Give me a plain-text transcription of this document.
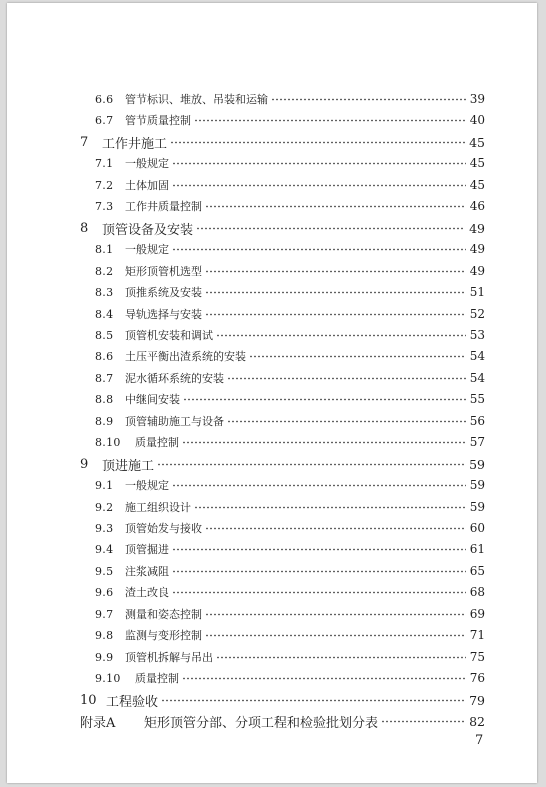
6.6	管节标识、堆放、吊装和运输	39
6.7	管节质量控制	40
7	工作井施工	45
7.1	一般规定	45
7.2	土体加固	45
7.3	工作井质量控制	46
8	顶管设备及安装	49
8.1	一般规定	49
8.2	矩形顶管机选型	49
8.3	顶推系统及安装	51
8.4	导轨选择与安装	52
8.5	顶管机安装和调试	53
8.6	土压平衡出渣系统的安装	54
8.7	泥水循环系统的安装	54
8.8	中继间安装	55
8.9	顶管辅助施工与设备	56
8.10	质量控制	57
9	顶进施工	59
9.1	一般规定	59
9.2	施工组织设计	59
9.3	顶管始发与接收	60
9.4	顶管掘进	61
9.5	注浆减阻	65
9.6	渣土改良	68
9.7	测量和姿态控制	69
9.8	监测与变形控制	71
9.9	顶管机拆解与吊出	75
9.10	质量控制	76
10 工程验收	79
附录A	矩形顶管分部、分项工程和检验批划分表	82
7
